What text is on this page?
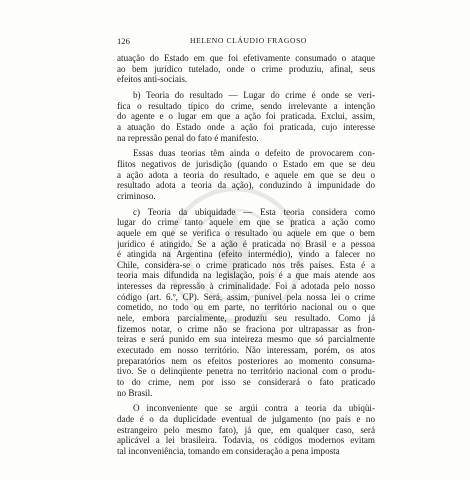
126	HELENO CLÁUDIO FRAGOSO

atuação do Estado em que foi efetivamente consumado o ataque
ao bem jurídico tutelado, onde o crime produziu, afinal, seus
efeitos anti-sociais.

b) Teoria do resultado — Lugar do crime é onde se veri-
fica o resultado típico do crime, sendo irrelevante a intenção
do agente e o lugar em que a ação foi praticada. Exclui, assim,
a atuação do Estado onde a ação foi praticada, cujo interesse
na repressão penal do fato é manifesto.

Essas duas teorias têm ainda o defeito de provocarem con-
flitos negativos de jurisdição (quando o Estado em que se deu
a ação adota a teoria do resultado, e aquele em que se deu o
resultado adota a teoria da ação), conduzindo à impunidade do
criminoso.

c) Teoria da ubiquidade — Esta teoria considera como
lugar do crime tanto aquele em que se pratica a ação como
aquele em que se verifica o resultado ou aquele em que o bem
jurídico é atingido. Se a ação é praticada no Brasil e a pessoa
é atingida na Argentina (efeito intermédio), vindo a falecer no
Chile, considera-se o crime praticado nos três países. Esta é a
teoria mais difundida na legislação, pois é a que mais atende aos
interesses da repressão à criminalidade. Foi a adotada pelo nosso
código (art. 6.º, CP). Será, assim, punível pela nossa lei o crime
cometido, no todo ou em parte, no território nacional ou o que
nele, embora parcialmente, produziu seu resultado. Como já
fizemos notar, o crime não se fraciona por ultrapassar as fron-
teiras e será punido em sua inteireza mesmo que só parcialmente
executado em nosso território. Não interessam, porém, os atos
preparatórios nem os efeitos posteriores ao momento consuma-
tivo. Se o delinqüente penetra no território nacional com o produ-
to do crime, nem por isso se considerará o fato praticado
no Brasil.

O inconveniente que se argúi contra a teoria da ubiqüi-
dade é o da duplicidade eventual de julgamento (no país e no
estrangeiro pelo mesmo fato), já que, em qualquer caso, será
aplicável a lei brasileira. Todavia, os códigos modernos evitam
tal inconveniência, tomando em consideração a pena imposta
